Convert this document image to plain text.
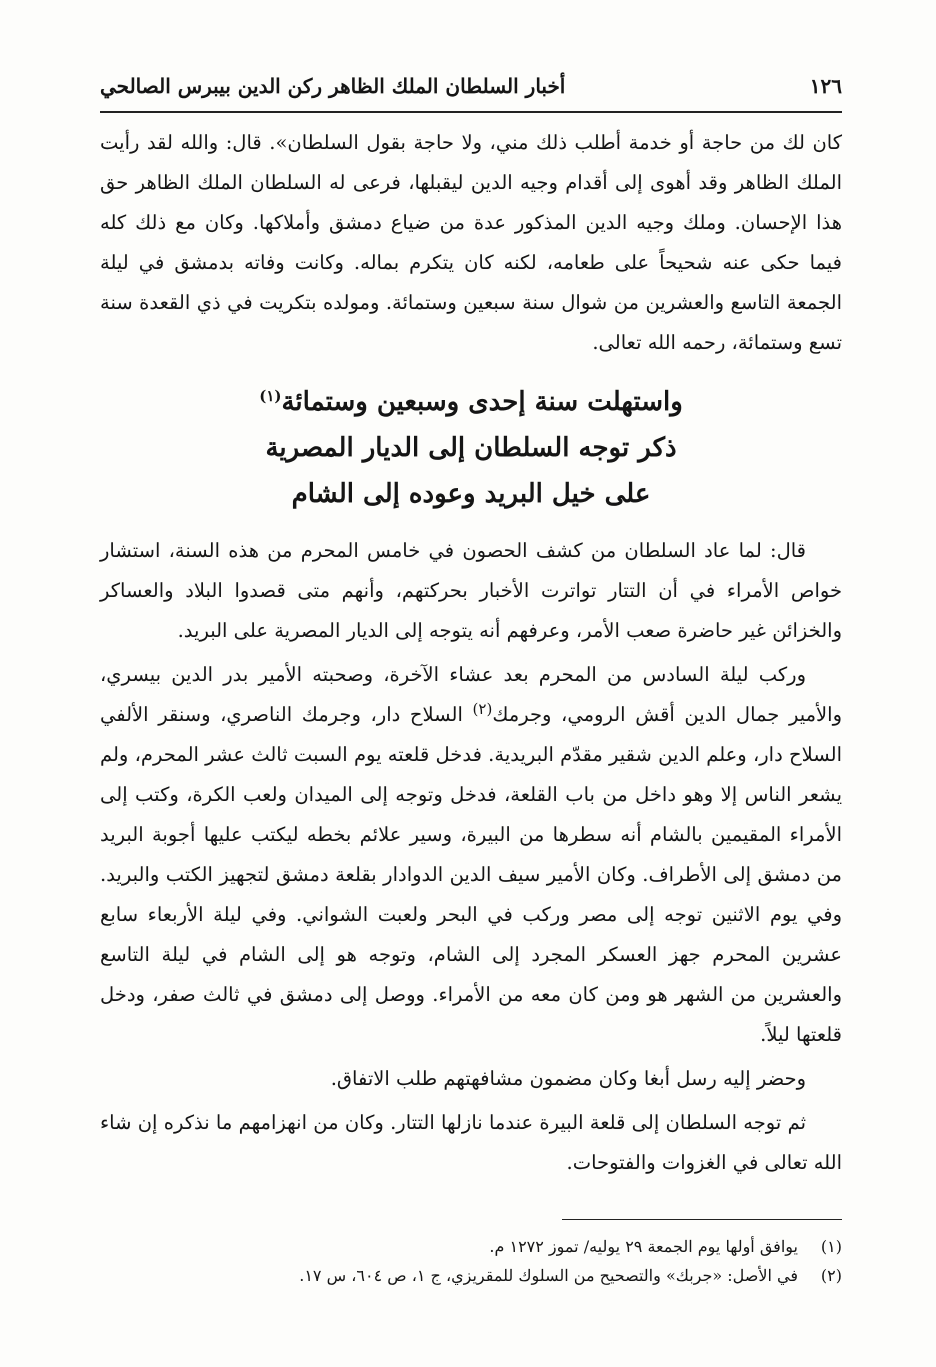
١٢٦
أخبار السلطان الملك الظاهر ركن الدين بيبرس الصالحي

كان لك من حاجة أو خدمة أطلب ذلك مني، ولا حاجة بقول السلطان». قال: والله لقد رأيت الملك الظاهر وقد أهوى إلى أقدام وجيه الدين ليقبلها، فرعى له السلطان الملك الظاهر حق هذا الإحسان. وملك وجيه الدين المذكور عدة من ضياع دمشق وأملاكها. وكان مع ذلك كله فيما حكى عنه شحيحاً على طعامه، لكنه كان يتكرم بماله. وكانت وفاته بدمشق في ليلة الجمعة التاسع والعشرين من شوال سنة سبعين وستمائة. ومولده بتكريت في ذي القعدة سنة تسع وستمائة، رحمه الله تعالى.

واستهلت سنة إحدى وسبعين وستمائة$^{(١)}$
ذكر توجه السلطان إلى الديار المصرية
على خيل البريد وعوده إلى الشام

قال: لما عاد السلطان من كشف الحصون في خامس المحرم من هذه السنة، استشار خواص الأمراء في أن التتار تواترت الأخبار بحركتهم، وأنهم متى قصدوا البلاد والعساكر والخزائن غير حاضرة صعب الأمر، وعرفهم أنه يتوجه إلى الديار المصرية على البريد.

وركب ليلة السادس من المحرم بعد عشاء الآخرة، وصحبته الأمير بدر الدين بيسري، والأمير جمال الدين أقش الرومي، وجرمك$^{(٢)}$ السلاح دار، وجرمك الناصري، وسنقر الألفي السلاح دار، وعلم الدين شقير مقدّم البريدية. فدخل قلعته يوم السبت ثالث عشر المحرم، ولم يشعر الناس إلا وهو داخل من باب القلعة، فدخل وتوجه إلى الميدان ولعب الكرة، وكتب إلى الأمراء المقيمين بالشام أنه سطرها من البيرة، وسير علائم بخطه ليكتب عليها أجوبة البريد من دمشق إلى الأطراف. وكان الأمير سيف الدين الدوادار بقلعة دمشق لتجهيز الكتب والبريد. وفي يوم الاثنين توجه إلى مصر وركب في البحر ولعبت الشواني. وفي ليلة الأربعاء سابع عشرين المحرم جهز العسكر المجرد إلى الشام، وتوجه هو إلى الشام في ليلة التاسع والعشرين من الشهر هو ومن كان معه من الأمراء. ووصل إلى دمشق في ثالث صفر، ودخل قلعتها ليلاً.

وحضر إليه رسل أبغا وكان مضمون مشافهتهم طلب الاتفاق.

ثم توجه السلطان إلى قلعة البيرة عندما نازلها التتار. وكان من انهزامهم ما نذكره إن شاء الله تعالى في الغزوات والفتوحات.

(١)
يوافق أولها يوم الجمعة ٢٩ يوليه/ تموز ١٢٧٢ م.
(٢)
في الأصل: «جربك» والتصحيح من السلوك للمقريزي، ج ١، ص ٦٠٤، س ١٧.
